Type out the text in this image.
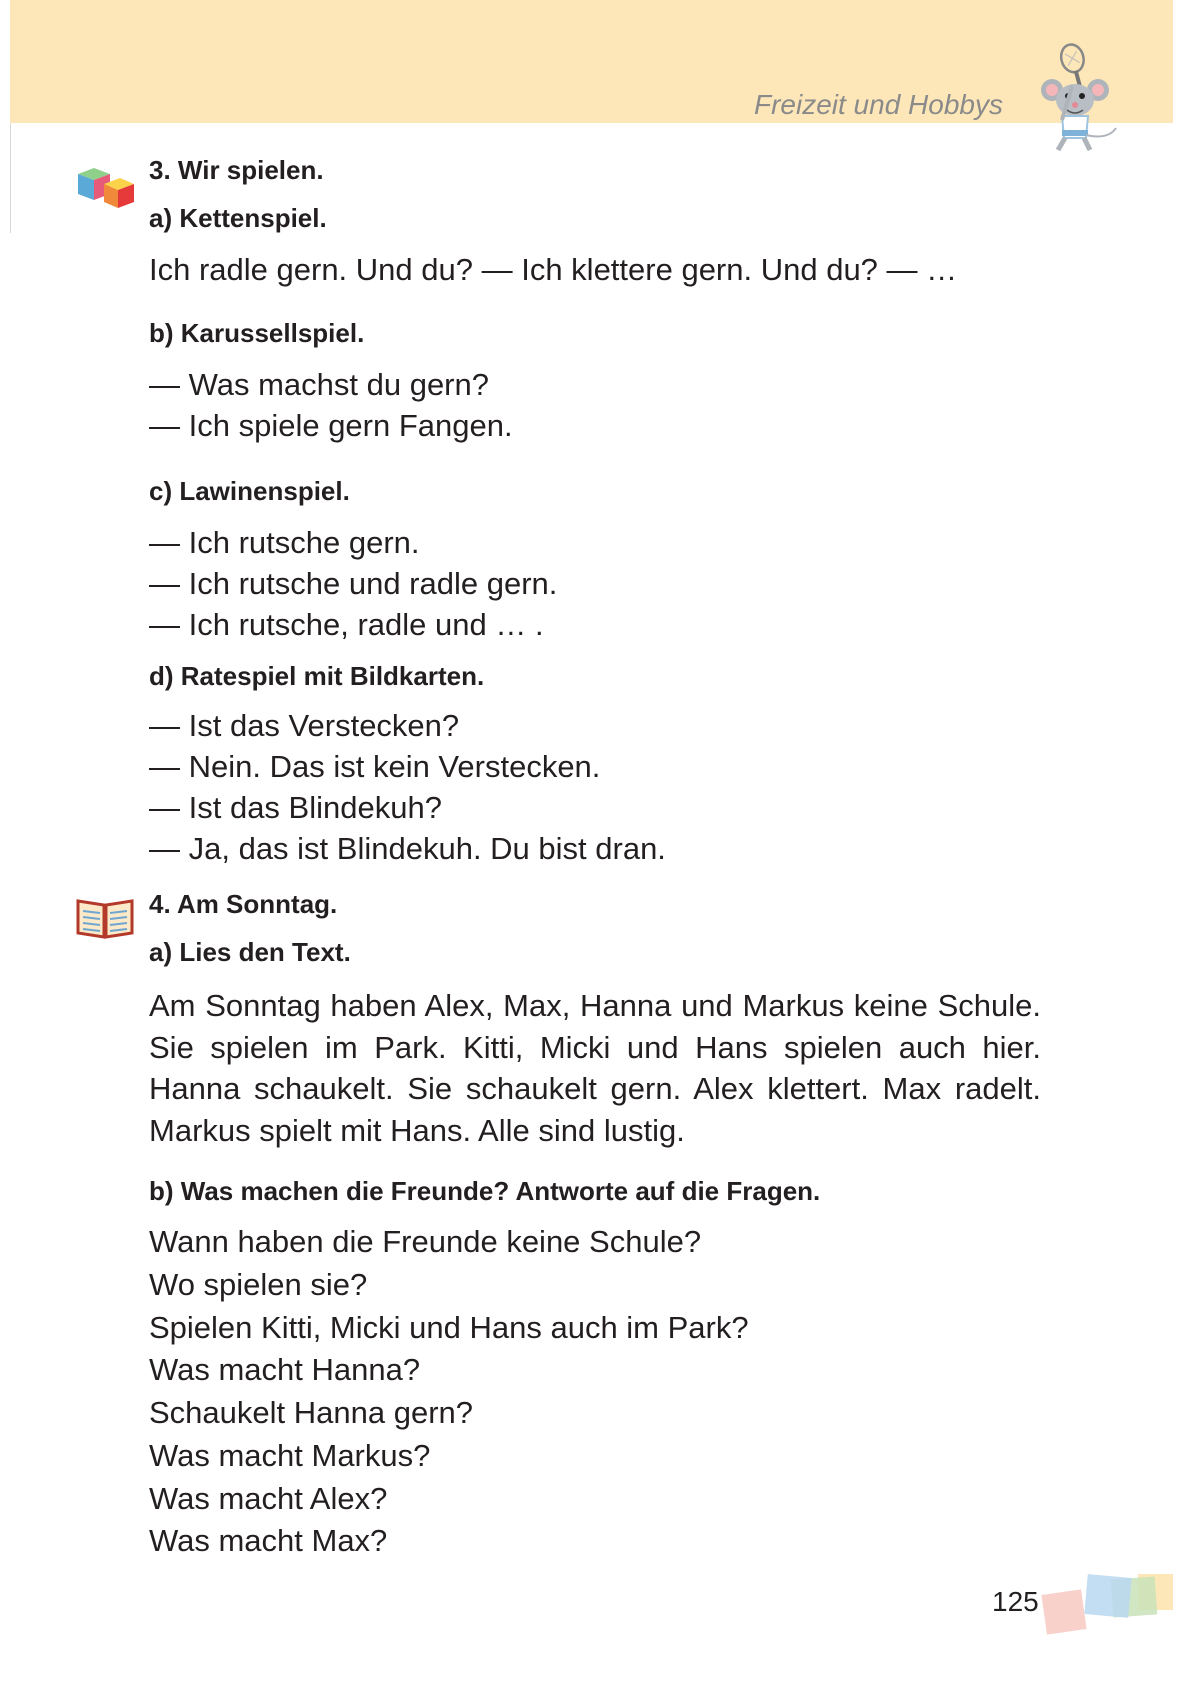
Freizeit und Hobbys
3. Wir spielen.
a) Kettenspiel.
Ich radle gern. Und du? — Ich klettere gern. Und du? — …
b) Karussellspiel.
— Was machst du gern?
— Ich spiele gern Fangen.
c) Lawinenspiel.
— Ich rutsche gern.
— Ich rutsche und radle gern.
— Ich rutsche, radle und … .
d) Ratespiel mit Bildkarten.
— Ist das Verstecken?
— Nein. Das ist kein Verstecken.
— Ist das Blindekuh?
— Ja, das ist Blindekuh. Du bist dran.
4. Am Sonntag.
a) Lies den Text.

Am Sonntag haben Alex, Max, Hanna und Markus keine Schule. Sie spielen im Park. Kitti, Micki und Hans spielen auch hier. Hanna schaukelt. Sie schaukelt gern. Alex klettert. Max radelt. Markus spielt mit Hans. Alle sind lustig.

b) Was machen die Freunde? Antworte auf die Fragen.
Wann haben die Freunde keine Schule?
Wo spielen sie?
Spielen Kitti, Micki und Hans auch im Park?
Was macht Hanna?
Schaukelt Hanna gern?
Was macht Markus?
Was macht Alex?
Was macht Max?
125
